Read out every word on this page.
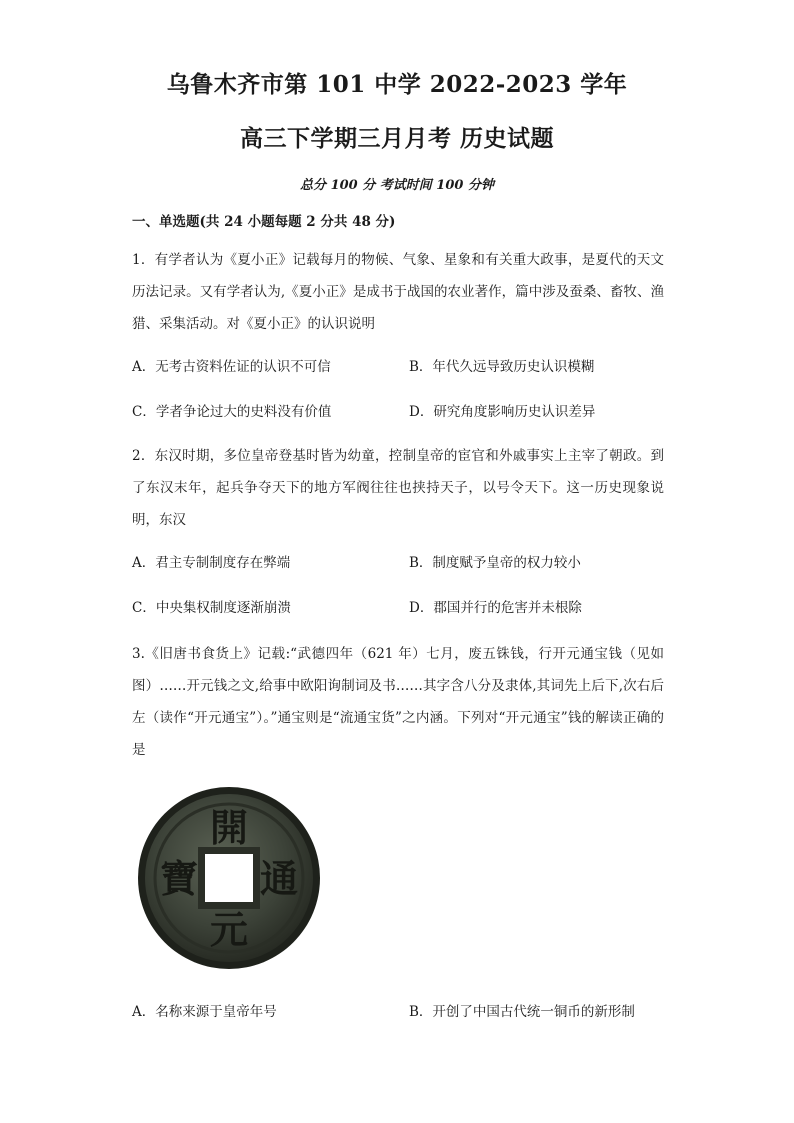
乌鲁木齐市第 101 中学 2022-2023 学年
高三下学期三月月考 历史试题
总分 100 分 考试时间 100 分钟
一、单选题(共 24 小题每题 2 分共 48 分)
1．有学者认为《夏小正》记载每月的物候、气象、星象和有关重大政事，是夏代的天文历法记录。又有学者认为,《夏小正》是成书于战国的农业著作，篇中涉及蚕桑、畜牧、渔猎、采集活动。对《夏小正》的认识说明
A．无考古资料佐证的认识不可信	B．年代久远导致历史认识模糊
C．学者争论过大的史料没有价值	D．研究角度影响历史认识差异
2．东汉时期，多位皇帝登基时皆为幼童，控制皇帝的宦官和外戚事实上主宰了朝政。到了东汉末年，起兵争夺天下的地方军阀往往也挟持天子，以号令天下。这一历史现象说明，东汉
A．君主专制制度存在弊端	B．制度赋予皇帝的权力较小
C．中央集权制度逐渐崩溃	D．郡国并行的危害并未根除
3.《旧唐书食货上》记载:“武德四年（621 年）七月，废五铢钱，行开元通宝钱（见如图）……开元钱之文,给事中欧阳询制词及书……其字含八分及隶体,其词先上后下,次右后左（读作“开元通宝”）。”通宝则是“流通宝货”之内涵。下列对“开元通宝”钱的解读正确的是
開
通
元
寶
A．名称来源于皇帝年号	B．开创了中国古代统一铜币的新形制
